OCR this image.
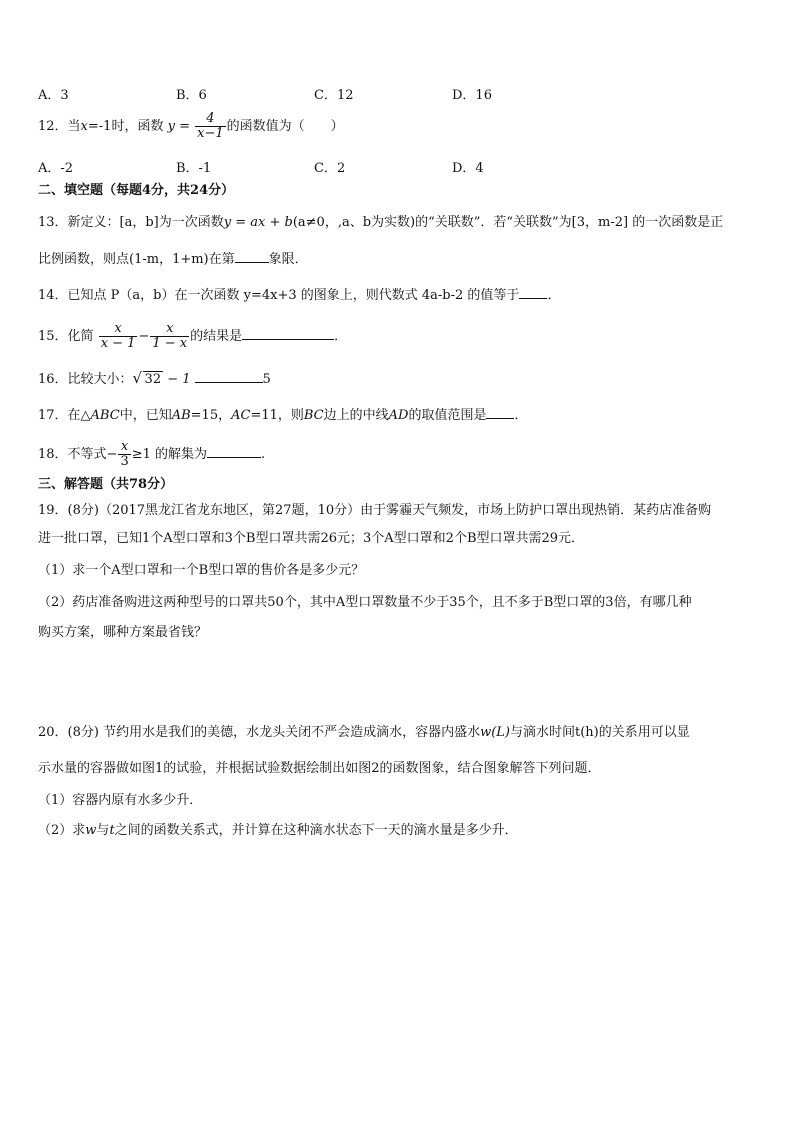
A．3	B．6	C．12	D．16
12．当x=-1时，函数 $y = \frac{4}{x-1}$ 的函数值为（　　）
A．-2	B．-1	C．2	D．4
二、填空题（每题4分，共24分）
13．新定义：[a，b]为一次函数y = ax + b(a≠0，,a、b为实数)的“关联数”．若“关联数”为[3，m-2] 的一次函数是正
比例函数，则点(1-m，1+m)在第	象限．
14．已知点 P（a，b）在一次函数 y=4x+3 的图象上，则代数式 4a-b-2 的值等于 ．
15．化简 $\frac{x}{x - 1} - \frac{x}{1 - x}$ 的结果是	．
16．比较大小： √ 32 − 1	5
17．在△ABC中，已知AB=15，AC=11，则BC边上的中线AD的取值范围是 ．
18．不等式− $\frac{x}{3} \ge 1$ 的解集为	.
三、解答题（共78分）
19．(8分)（2017黑龙江省龙东地区，第27题，10分）由于雾霾天气频发，市场上防护口罩出现热销．某药店准备购
进一批口罩，已知1个A型口罩和3个B型口罩共需26元；3个A型口罩和2个B型口罩共需29元．
（1）求一个A型口罩和一个B型口罩的售价各是多少元？
（2）药店准备购进这两种型号的口罩共50个，其中A型口罩数量不少于35个，且不多于B型口罩的3倍，有哪几种
购买方案，哪种方案最省钱？
20．(8分) 节约用水是我们的美德，水龙头关闭不严会造成滴水，容器内盛水w(L)与滴水时间t(h)的关系用可以显
示水量的容器做如图1的试验，并根据试验数据绘制出如图2的函数图象，结合图象解答下列问题．
（1）容器内原有水多少升．
（2）求w与t之间的函数关系式，并计算在这种滴水状态下一天的滴水量是多少升．
